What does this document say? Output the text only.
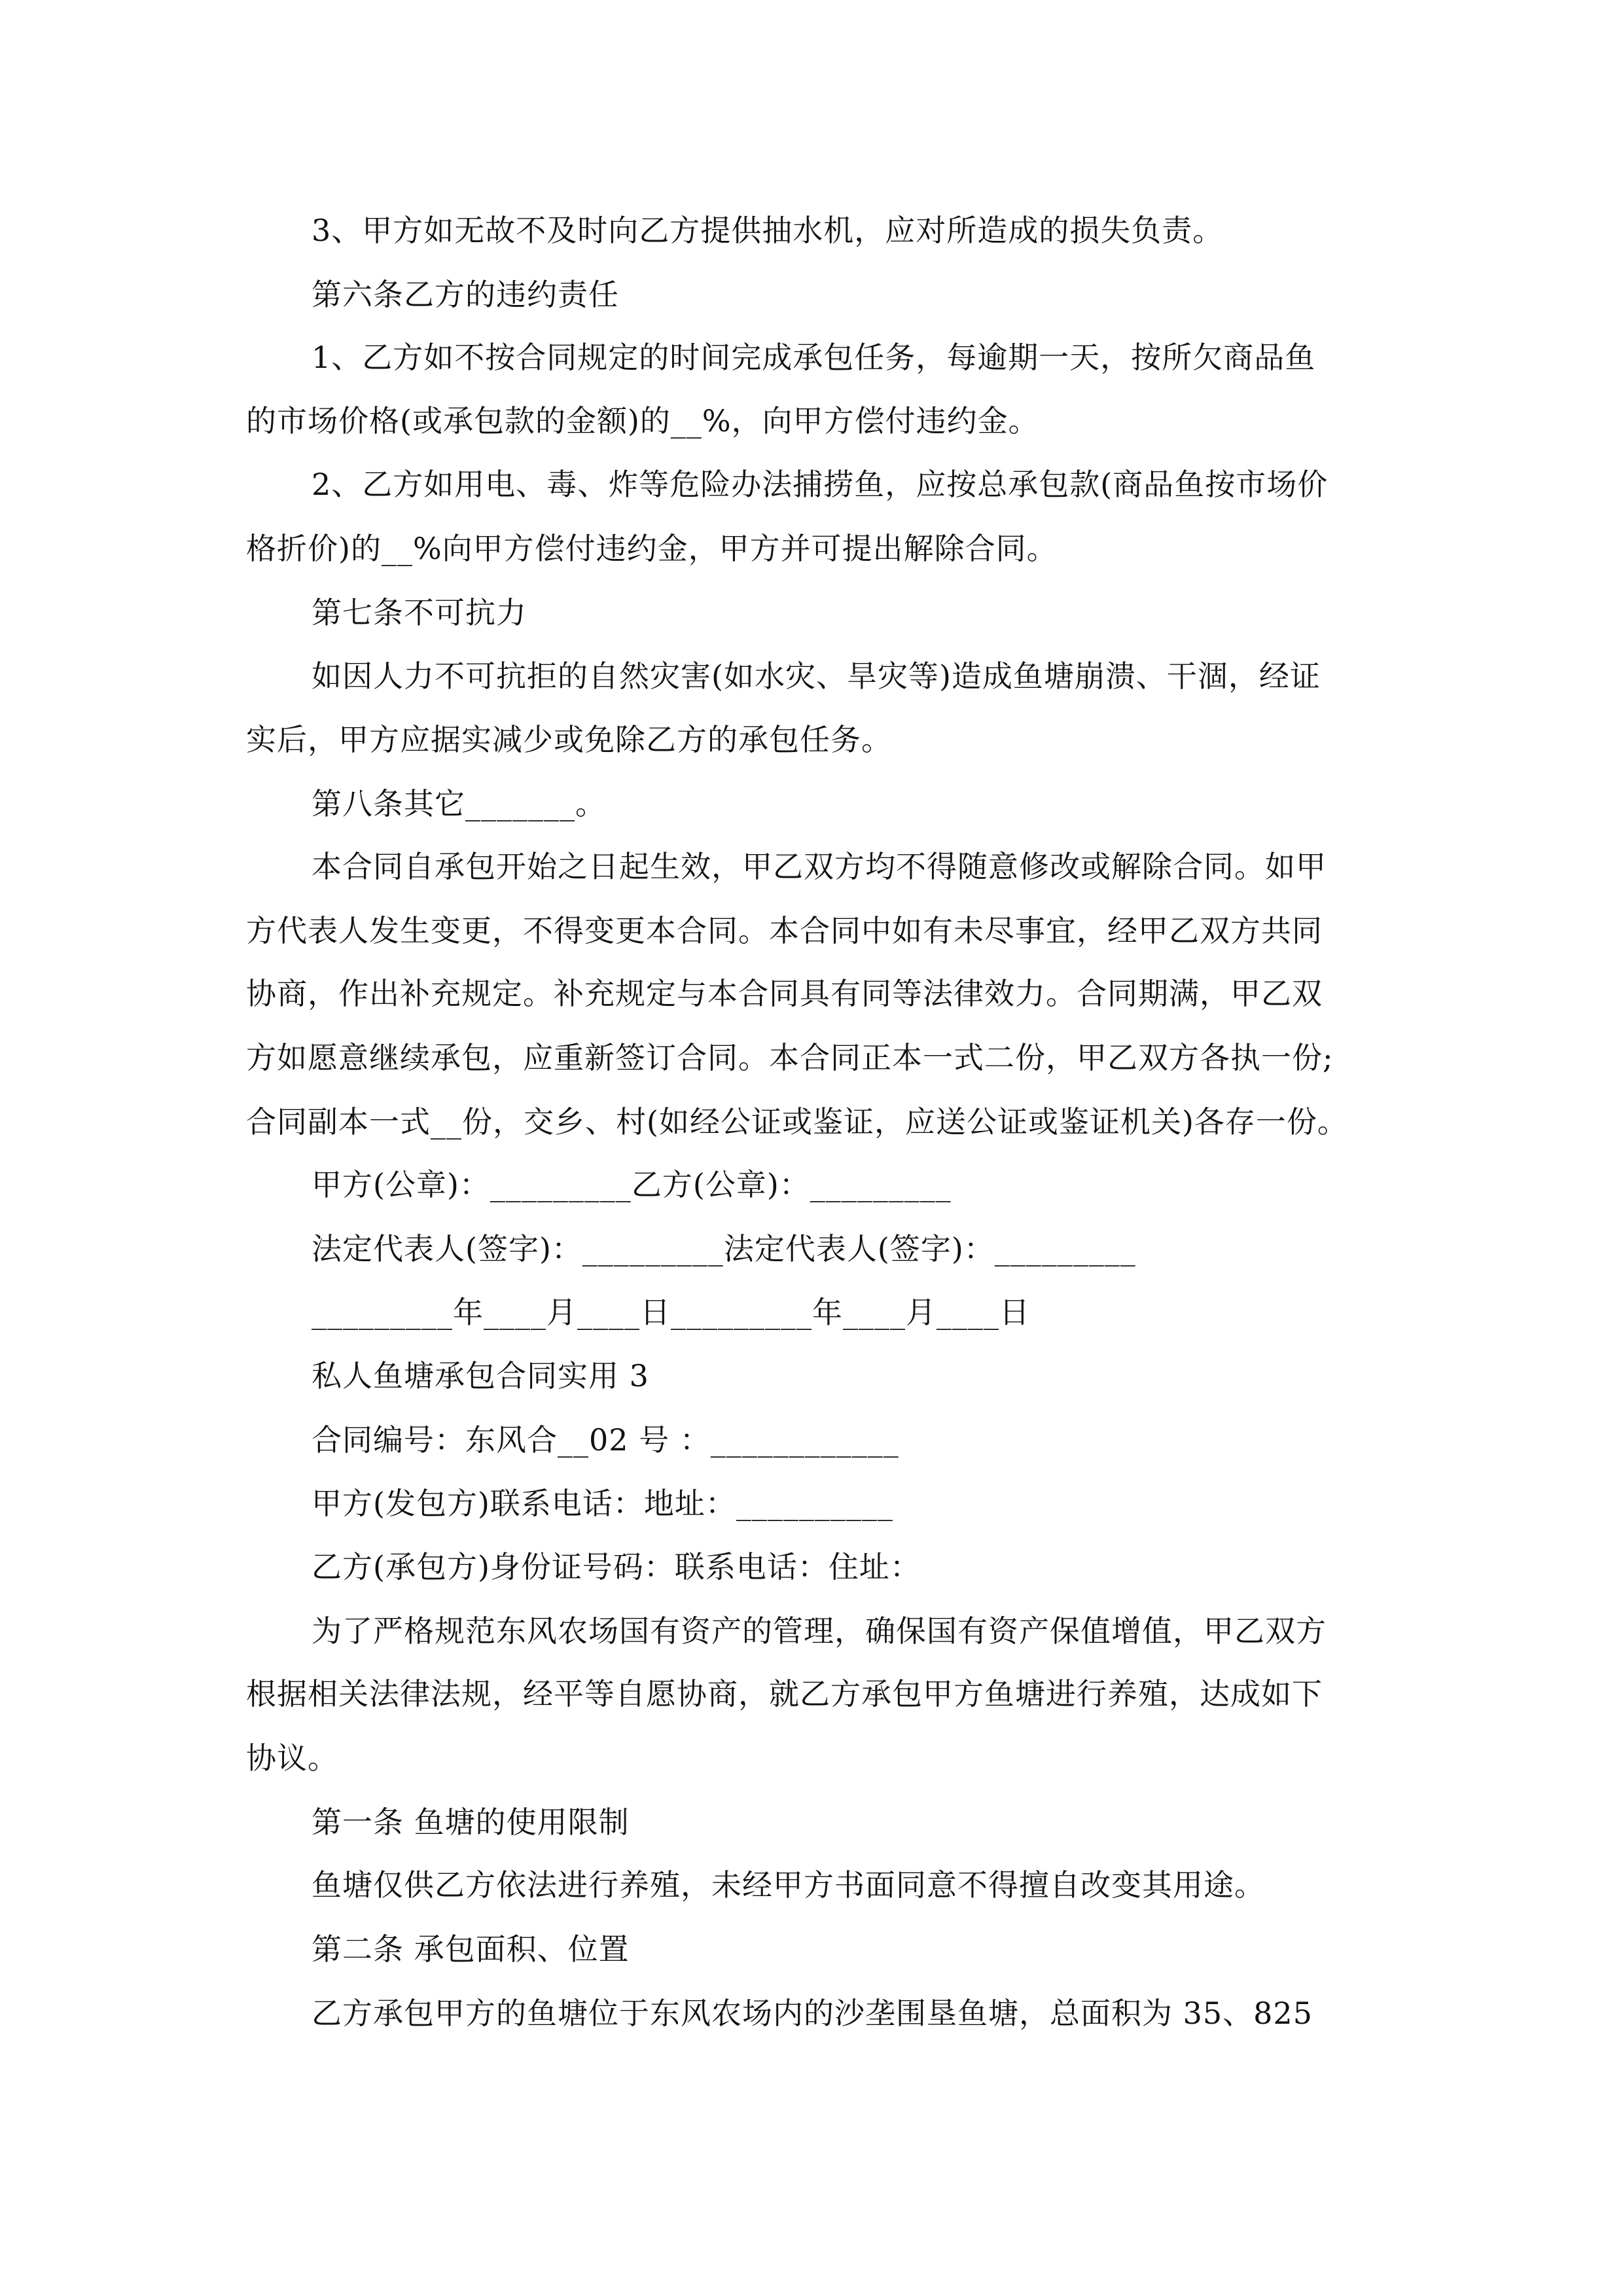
3、甲方如无故不及时向乙方提供抽水机，应对所造成的损失负责。
第六条乙方的违约责任
1、乙方如不按合同规定的时间完成承包任务，每逾期一天，按所欠商品鱼
的市场价格(或承包款的金额)的__%，向甲方偿付违约金。
2、乙方如用电、毒、炸等危险办法捕捞鱼，应按总承包款(商品鱼按市场价
格折价)的__%向甲方偿付违约金，甲方并可提出解除合同。
第七条不可抗力
如因人力不可抗拒的自然灾害(如水灾、旱灾等)造成鱼塘崩溃、干涸，经证
实后，甲方应据实减少或免除乙方的承包任务。
第八条其它_______。
本合同自承包开始之日起生效，甲乙双方均不得随意修改或解除合同。如甲
方代表人发生变更，不得变更本合同。本合同中如有未尽事宜，经甲乙双方共同
协商，作出补充规定。补充规定与本合同具有同等法律效力。合同期满，甲乙双
方如愿意继续承包，应重新签订合同。本合同正本一式二份，甲乙双方各执一份;
合同副本一式__份，交乡、村(如经公证或鉴证，应送公证或鉴证机关)各存一份。
甲方(公章)：_________乙方(公章)：_________
法定代表人(签字)：_________法定代表人(签字)：_________
_________年____月____日_________年____月____日
私人鱼塘承包合同实用 3
合同编号：东风合__02 号 ：____________
甲方(发包方)联系电话：地址：__________
乙方(承包方)身份证号码：联系电话：住址：
为了严格规范东风农场国有资产的管理，确保国有资产保值增值，甲乙双方
根据相关法律法规，经平等自愿协商，就乙方承包甲方鱼塘进行养殖，达成如下
协议。
第一条 鱼塘的使用限制
鱼塘仅供乙方依法进行养殖，未经甲方书面同意不得擅自改变其用途。
第二条 承包面积、位置
乙方承包甲方的鱼塘位于东风农场内的沙垄围垦鱼塘，总面积为 35、825
